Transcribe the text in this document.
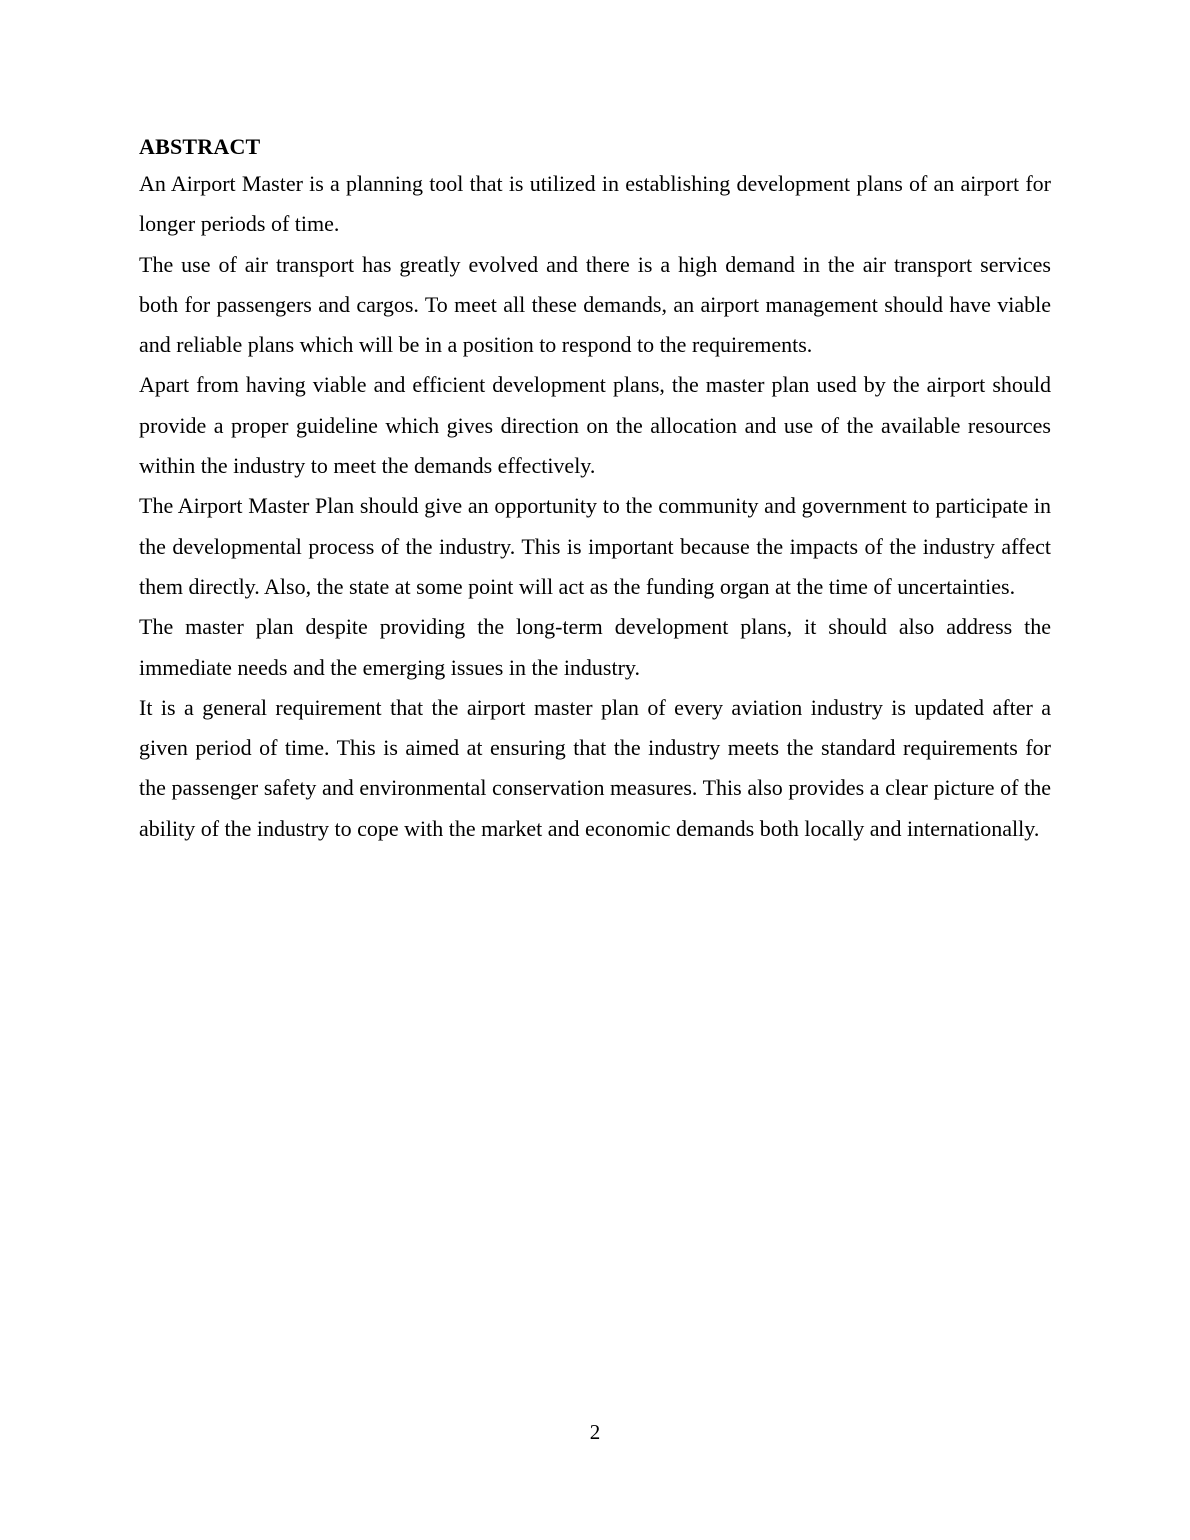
ABSTRACT

An Airport Master is a planning tool that is utilized in establishing development plans of an airport for longer periods of time.

The use of air transport has greatly evolved and there is a high demand in the air transport services both for passengers and cargos. To meet all these demands, an airport management should have viable and reliable plans which will be in a position to respond to the requirements.

Apart from having viable and efficient development plans, the master plan used by the airport should provide a proper guideline which gives direction on the allocation and use of the available resources within the industry to meet the demands effectively.

The Airport Master Plan should give an opportunity to the community and government to participate in the developmental process of the industry. This is important because the impacts of the industry affect them directly. Also, the state at some point will act as the funding organ at the time of uncertainties.

The master plan despite providing the long-term development plans, it should also address the immediate needs and the emerging issues in the industry.

It is a general requirement that the airport master plan of every aviation industry is updated after a given period of time. This is aimed at ensuring that the industry meets the standard requirements for the passenger safety and environmental conservation measures. This also provides a clear picture of the ability of the industry to cope with the market and economic demands both locally and internationally.

2
